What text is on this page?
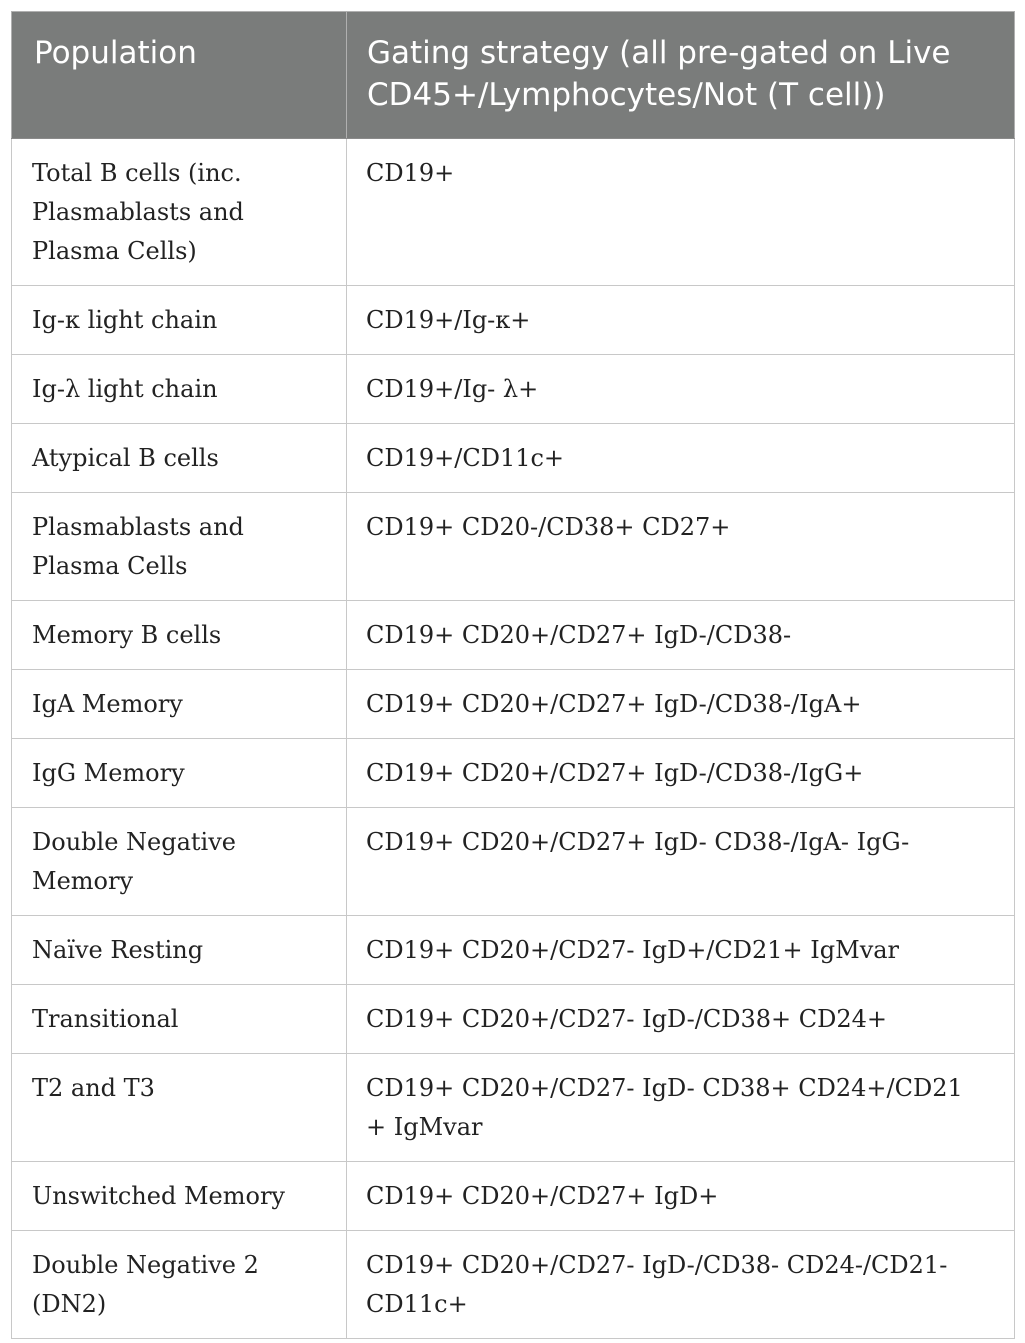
Population	Gating strategy (all pre-gated on Live CD45+/Lymphocytes/Not (T cell))
Total B cells (inc. Plasmablasts and Plasma Cells)	CD19+
Ig-κ light chain	CD19+/Ig-κ+
Ig-λ light chain	CD19+/Ig- λ+
Atypical B cells	CD19+/CD11c+
Plasmablasts and Plasma Cells	CD19+ CD20-/CD38+ CD27+
Memory B cells	CD19+ CD20+/CD27+ IgD-/CD38-
IgA Memory	CD19+ CD20+/CD27+ IgD-/CD38-/IgA+
IgG Memory	CD19+ CD20+/CD27+ IgD-/CD38-/IgG+
Double Negative Memory	CD19+ CD20+/CD27+ IgD- CD38-/IgA- IgG-
Naïve Resting	CD19+ CD20+/CD27- IgD+/CD21+ IgMvar
Transitional	CD19+ CD20+/CD27- IgD-/CD38+ CD24+
T2 and T3	CD19+ CD20+/CD27- IgD- CD38+ CD24+/CD21 + IgMvar
Unswitched Memory	CD19+ CD20+/CD27+ IgD+
Double Negative 2 (DN2)	CD19+ CD20+/CD27- IgD-/CD38- CD24-/CD21- CD11c+
